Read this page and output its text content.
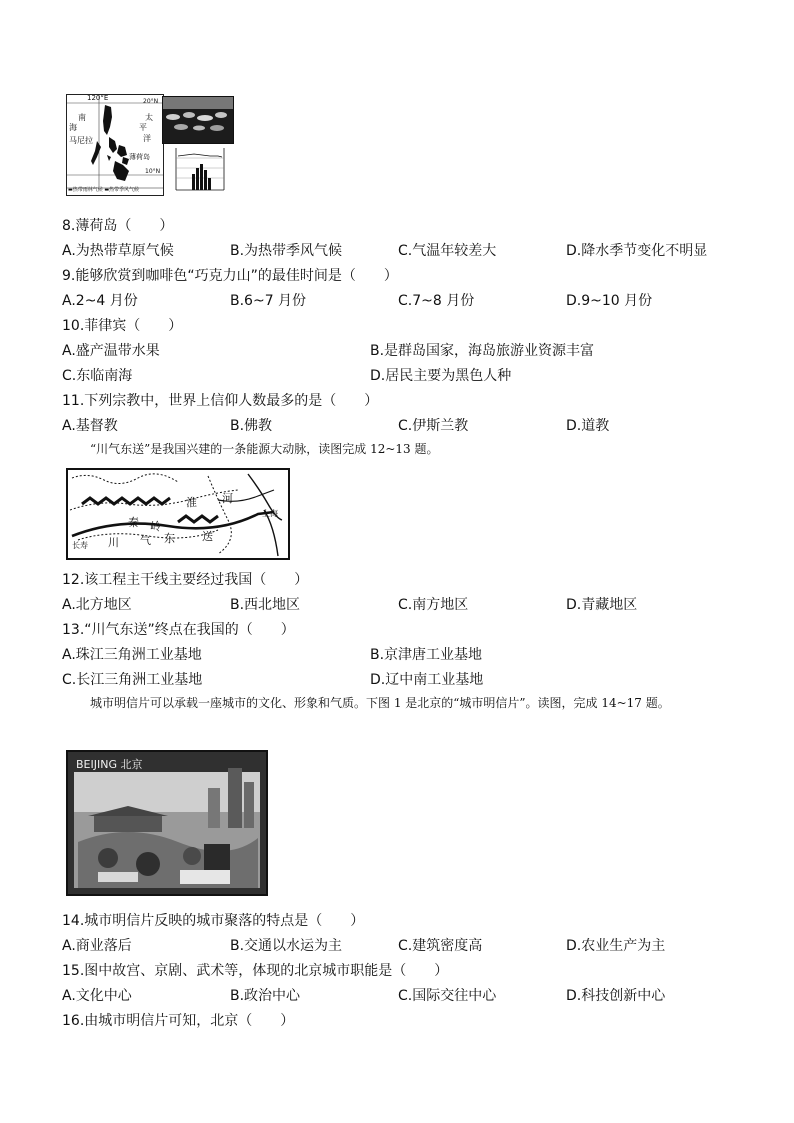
120°E	20°N
10°N
南
海
太
平
洋
马尼拉
薄荷岛
▬热带雨林气候 ▬热带季风气候
8.薄荷岛（　　）
A.为热带草原气候	B.为热带季风气候	C.气温年较差大	D.降水季节变化不明显
9.能够欣赏到咖啡色“巧克力山”的最佳时间是（　　）
A.2~4 月份	B.6~7 月份	C.7~8 月份	D.9~10 月份
10.菲律宾（　　）
A.盛产温带水果	B.是群岛国家，海岛旅游业资源丰富
C.东临南海	D.居民主要为黑色人种
11.下列宗教中，世界上信仰人数最多的是（　　）
A.基督教	B.佛教	C.伊斯兰教	D.道教
“川气东送”是我国兴建的一条能源大动脉，读图完成 12~13 题。
淮 河
秦 岭
川 气 东 送
长寿
上海
12.该工程主干线主要经过我国（　　）
A.北方地区	B.西北地区	C.南方地区	D.青藏地区
13.“川气东送”终点在我国的（　　）
A.珠江三角洲工业基地	B.京津唐工业基地
C.长江三角洲工业基地	D.辽中南工业基地
城市明信片可以承载一座城市的文化、形象和气质。下图 1 是北京的“城市明信片”。读图，完成 14~17 题。
BEIJING 北京
14.城市明信片反映的城市聚落的特点是（　　）
A.商业落后	B.交通以水运为主	C.建筑密度高	D.农业生产为主
15.图中故宫、京剧、武术等，体现的北京城市职能是（　　）
A.文化中心	B.政治中心	C.国际交往中心	D.科技创新中心
16.由城市明信片可知，北京（　　）
